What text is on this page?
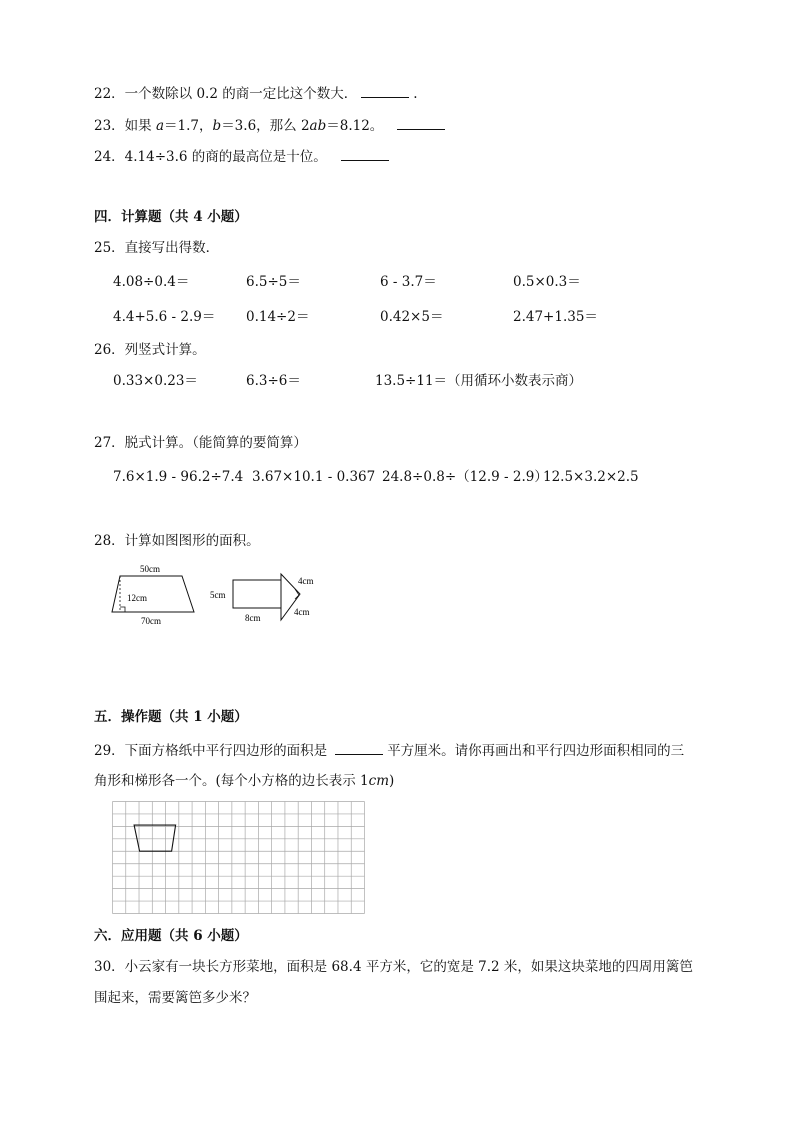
22．一个数除以 0.2 的商一定比这个数大．	.
23．如果 a＝1.7，b＝3.6，那么 2ab＝8.12。
24．4.14÷3.6 的商的最高位是十位。
四．计算题（共 4 小题）
25．直接写出得数．
4.08÷0.4＝	6.5÷5＝	6 - 3.7＝	0.5×0.3＝
4.4+5.6 - 2.9＝ 0.14÷2＝	0.42×5＝	2.47+1.35＝
26．列竖式计算。
0.33×0.23＝	6.3÷6＝	13.5÷11＝（用循环小数表示商）
27．脱式计算。（能简算的要简算）
7.6×1.9 - 96.2÷7.4 3.67×10.1 - 0.367 24.8÷0.8÷（12.9 - 2.9）
12.5×3.2×2.5
28．计算如图图形的面积。
50cm
12cm
70cm
5cm
8cm
4cm
4cm
五．操作题（共 1 小题）
29．下面方格纸中平行四边形的面积是	平方厘米。请你再画出和平行四边形面积相同的三
角形和梯形各一个。(每个小方格的边长表示 1cm)
六．应用题（共 6 小题）
30．小云家有一块长方形菜地，面积是 68.4 平方米，它的宽是 7.2 米，如果这块菜地的四周用篱笆
围起来，需要篱笆多少米？
